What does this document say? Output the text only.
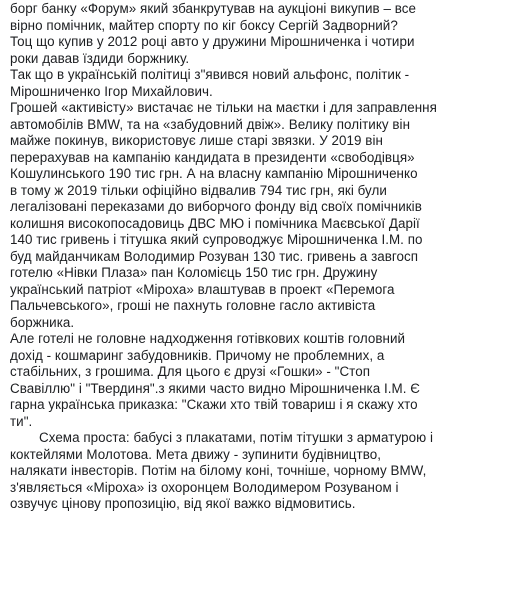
борг банку «Форум» який збанкрутував на аукціоні викупив – все
вірно помічник, майтер спорту по кіг боксу Сергій Задворний?
Тоц що купив у 2012 році авто у дружини Мірошниченка і чотири
роки давав їздиди боржнику.
Так що в українській політиці з"явився новий альфонс, політик -
Мірошниченко Ігор Михайлович.
Грошей «активісту» вистачає не тільки на маєтки і для заправлення
автомобілів BMW, та на «забудовний двіж». Велику політику він
майже покинув, використовує лише старі звязки. У 2019 він
перерахував на кампанію кандидата в президенти «свободівця»
Кошулинського 190 тис грн. А на власну кампанію Мірошниченко
в тому ж 2019 тільки офіційно відвалив 794 тис грн, які були
легалізовані переказами до виборчого фонду від своїх помічників
колишня високопосадовиць ДВС МЮ і помічника Маєвської Дарії
140 тис гривень і тітушка який супроводжує Мірошниченка І.М. по
буд майданчикам Володимир Розуван 130 тис. гривень а завгосп
готелю «Нівки Плаза» пан Коломієць 150 тис грн. Дружину
український патріот «Міроха» влаштував в проект «Перемога
Пальчевського», гроші не пахнуть головне гасло активіста
боржника.
Алe готелі не головне надходження готівкових коштів головний
дохід - кошмаринг забудовників. Причому не проблемних, а
стабільних, з грошима. Для цього є друзі «Гошки» - "Стоп
Свавіллю" і "Твердиня".з якими часто видно Мірошниченка І.М. Є
гарна українська приказка: "Скажи хто твій товариш і я скажу хто
ти".
Схема проста: бабусі з плакатами, потім тітушки з арматурою і
коктейлями Молотова. Мета движу - зупинити будівництво,
налякати інвесторів. Потім на білому коні, точніше, чорному BMW,
з'являється «Міроха» із охоронцем Володимером Розуваном і
озвучує цінову пропозицію, від якої важко відмовитись.
